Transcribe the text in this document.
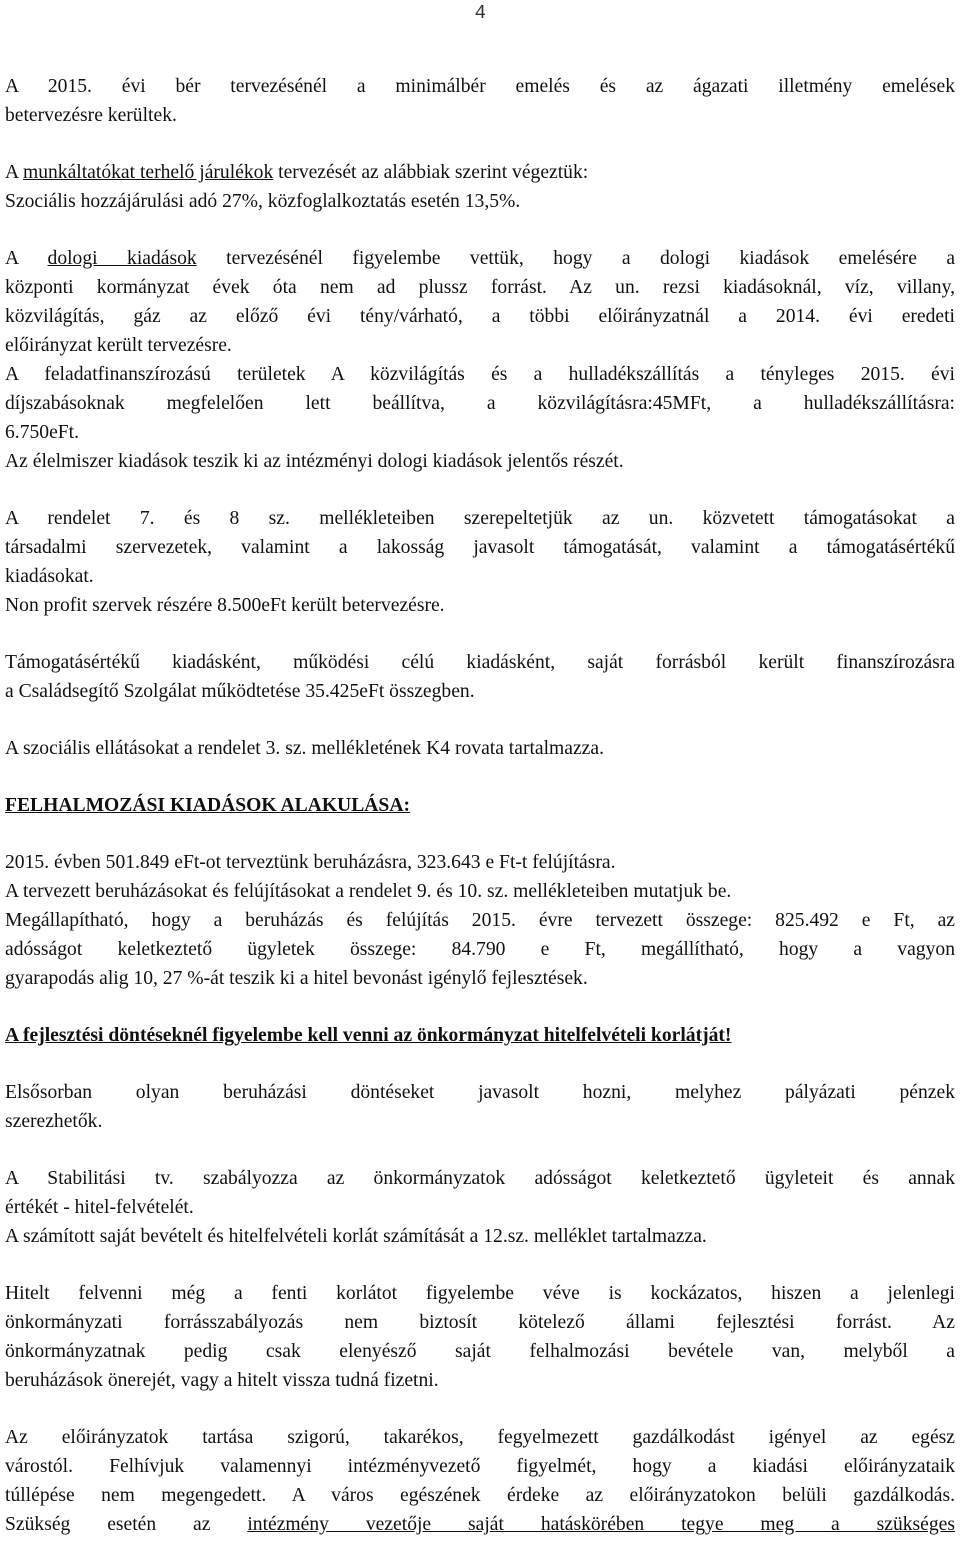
4
A 2015. évi bér tervezésénél a minimálbér emelés és az ágazati illetmény emelések
betervezésre kerültek.
A munkáltatókat terhelő járulékok tervezését az alábbiak szerint végeztük:
Szociális hozzájárulási adó 27%, közfoglalkoztatás esetén 13,5%.
A dologi kiadások tervezésénél figyelembe vettük, hogy a dologi kiadások emelésére a
központi kormányzat évek óta nem ad plussz forrást. Az un. rezsi kiadásoknál, víz, villany,
közvilágítás, gáz az előző évi tény/várható, a többi előirányzatnál a 2014. évi eredeti
előirányzat került tervezésre.
A feladatfinanszírozású területek A közvilágítás és a hulladékszállítás a tényleges 2015. évi
díjszabásoknak megfelelően lett beállítva, a közvilágításra:45MFt, a hulladékszállításra:
6.750eFt.
Az élelmiszer kiadások teszik ki az intézményi dologi kiadások jelentős részét.
A rendelet 7. és 8 sz. mellékleteiben szerepeltetjük az un. közvetett támogatásokat a
társadalmi szervezetek, valamint a lakosság javasolt támogatását, valamint a támogatásértékű
kiadásokat.
Non profit szervek részére 8.500eFt került betervezésre.
Támogatásértékű kiadásként, működési célú kiadásként, saját forrásból került finanszírozásra
a Családsegítő Szolgálat működtetése 35.425eFt összegben.
A szociális ellátásokat a rendelet 3. sz. mellékletének K4 rovata tartalmazza.
FELHALMOZÁSI KIADÁSOK ALAKULÁSA:
2015. évben 501.849 eFt-ot terveztünk beruházásra, 323.643 e Ft-t felújításra.
A tervezett beruházásokat és felújításokat a rendelet 9. és 10. sz. mellékleteiben mutatjuk be.
Megállapítható, hogy a beruházás és felújítás 2015. évre tervezett összege: 825.492 e Ft, az
adósságot keletkeztető ügyletek összege: 84.790 e Ft, megállítható, hogy a vagyon
gyarapodás alig 10, 27 %-át teszik ki a hitel bevonást igénylő fejlesztések.
A fejlesztési döntéseknél figyelembe kell venni az önkormányzat hitelfelvételi korlátját!
Elsősorban olyan beruházási döntéseket javasolt hozni, melyhez pályázati pénzek
szerezhetők.
A Stabilitási tv. szabályozza az önkormányzatok adósságot keletkeztető ügyleteit és annak
értékét - hitel-felvételét.
A számított saját bevételt és hitelfelvételi korlát számítását a 12.sz. melléklet tartalmazza.
Hitelt felvenni még a fenti korlátot figyelembe véve is kockázatos, hiszen a jelenlegi
önkormányzati forrásszabályozás nem biztosít kötelező állami fejlesztési forrást. Az
önkormányzatnak pedig csak elenyésző saját felhalmozási bevétele van, melyből a
beruházások önerejét, vagy a hitelt vissza tudná fizetni.
Az előirányzatok tartása szigorú, takarékos, fegyelmezett gazdálkodást igényel az egész
várostól. Felhívjuk valamennyi intézményvezető figyelmét, hogy a kiadási előirányzataik
túllépése nem megengedett. A város egészének érdeke az előirányzatokon belüli gazdálkodás.
Szükség esetén az intézmény vezetője saját hatáskörében tegye meg a szükséges
